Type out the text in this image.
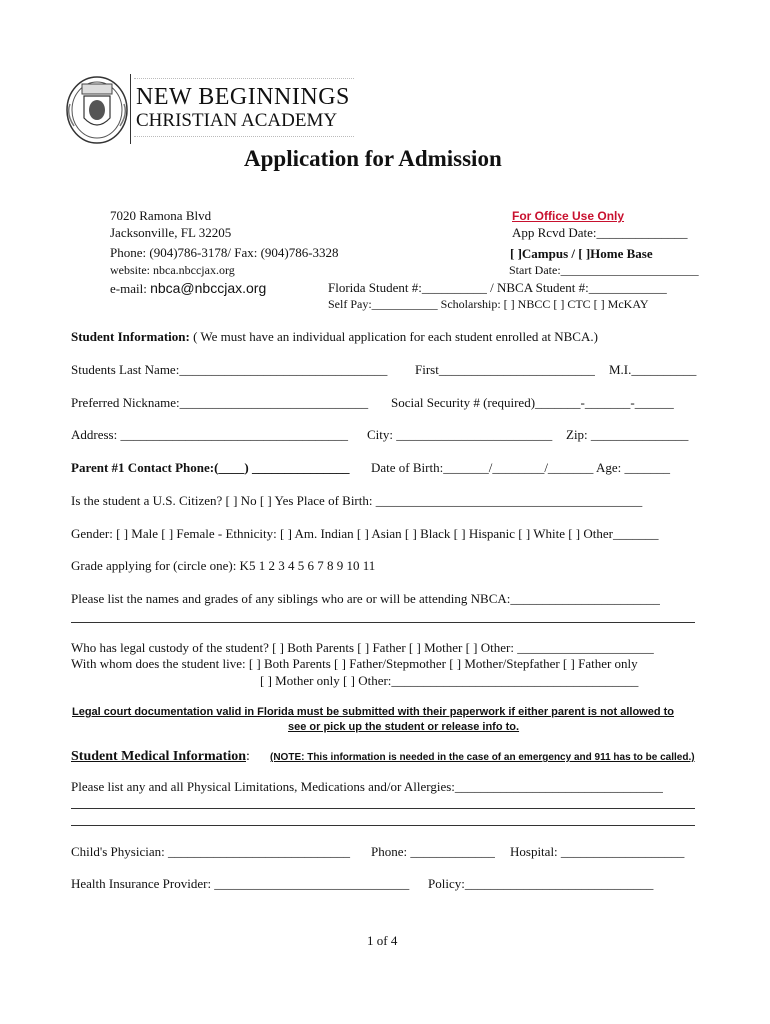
NEW BEGINNINGS
CHRISTIAN ACADEMY
Application for Admission
7020 Ramona Blvd
Jacksonville, FL 32205
Phone: (904)786-3178/ Fax: (904)786-3328
website: nbca.nbccjax.org
e-mail: nbca@nbccjax.org
For Office Use Only
App Rcvd Date:______________
[ ]Campus / [ ]Home Base
Start Date:_______________________
Florida Student #:__________ / NBCA Student #:____________
Self Pay:___________ Scholarship: [ ] NBCC [ ] CTC [ ] McKAY
Student Information: ( We must have an individual application for each student enrolled at NBCA.)
Students Last Name:________________________________ First________________________ M.I.__________
Preferred Nickname:_____________________________ Social Security # (required)_______-_______-______
Address: ___________________________________ City: ________________________ Zip: _______________
Parent #1 Contact Phone:(____) _______________ Date of Birth:_______/________/_______ Age: _______
Is the student a U.S. Citizen? [ ] No [ ] Yes Place of Birth: _________________________________________
Gender: [ ] Male [ ] Female - Ethnicity: [ ] Am. Indian [ ] Asian [ ] Black [ ] Hispanic [ ] White [ ] Other_______
Grade applying for (circle one): K5 1 2 3 4 5 6 7 8 9 10 11
Please list the names and grades of any siblings who are or will be attending NBCA:_______________________
Who has legal custody of the student? [ ] Both Parents [ ] Father [ ] Mother [ ] Other: _____________________
With whom does the student live: [ ] Both Parents [ ] Father/Stepmother [ ] Mother/Stepfather [ ] Father only
[ ] Mother only [ ] Other:______________________________________
Legal court documentation valid in Florida must be submitted with their paperwork if either parent is not allowed to
see or pick up the student or release info to.
Student Medical Information: (NOTE: This information is needed in the case of an emergency and 911 has to be called.)
Please list any and all Physical Limitations, Medications and/or Allergies:________________________________
Child's Physician: ____________________________ Phone: _____________ Hospital: ___________________
Health Insurance Provider: ______________________________ Policy:_____________________________
1 of 4
